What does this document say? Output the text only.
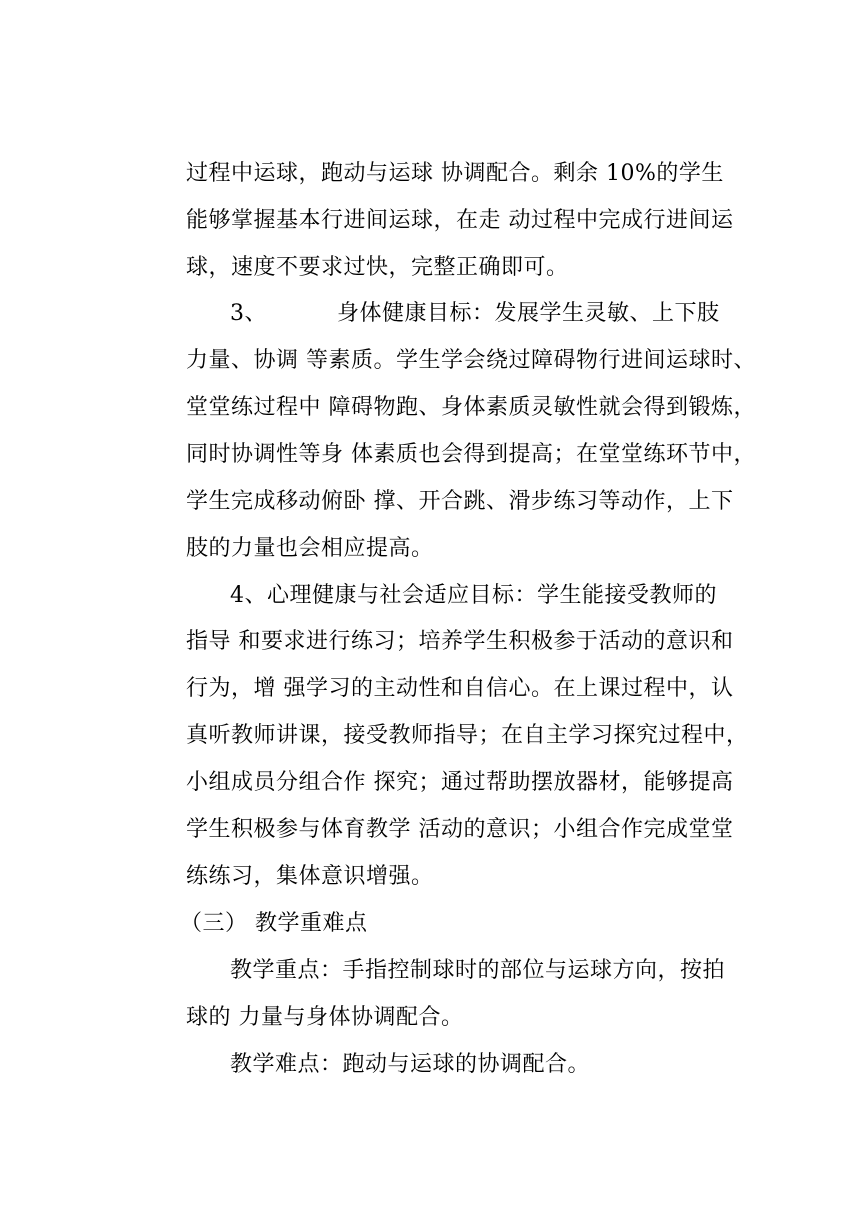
过程中运球，跑动与运球 协调配合。剩余 10%的学生
能够掌握基本行进间运球，在走 动过程中完成行进间运
球，速度不要求过快，完整正确即可。
3、	身体健康目标：发展学生灵敏、上下肢
力量、协调 等素质。学生学会绕过障碍物行进间运球时、
堂堂练过程中 障碍物跑、身体素质灵敏性就会得到锻炼，
同时协调性等身 体素质也会得到提高；在堂堂练环节中，
学生完成移动俯卧 撑、开合跳、滑步练习等动作，上下
肢的力量也会相应提高。
4、心理健康与社会适应目标：学生能接受教师的
指导 和要求进行练习；培养学生积极参于活动的意识和
行为，增 强学习的主动性和自信心。在上课过程中，认
真听教师讲课，接受教师指导；在自主学习探究过程中，
小组成员分组合作 探究；通过帮助摆放器材，能够提高
学生积极参与体育教学 活动的意识；小组合作完成堂堂
练练习，集体意识增强。
（三） 教学重难点
教学重点：手指控制球时的部位与运球方向，按拍
球的 力量与身体协调配合。
教学难点：跑动与运球的协调配合。
